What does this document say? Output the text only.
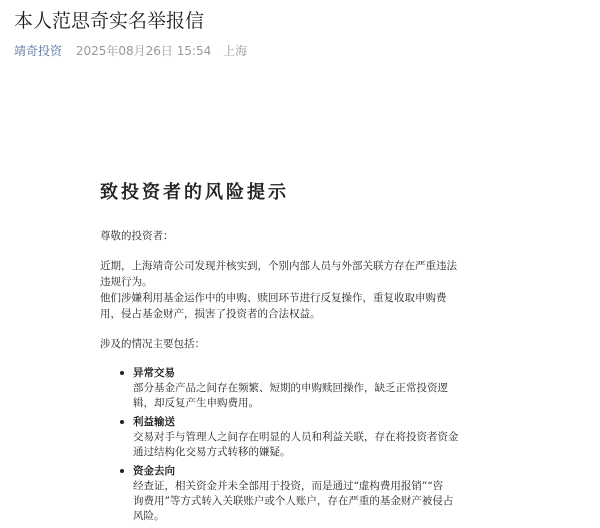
本人范思奇实名举报信
靖奇投资 2025年08月26日 15:54 上海
致投资者的风险提示

尊敬的投资者：

近期，上海靖奇公司发现并核实到，个别内部人员与外部关联方存在严重违法

违规行为。

他们涉嫌利用基金运作中的申购、赎回环节进行反复操作，重复收取申购费

用，侵占基金财产，损害了投资者的合法权益。

涉及的情况主要包括：

异常交易
部分基金产品之间存在频繁、短期的申购赎回操作，缺乏正常投资逻
辑，却反复产生申购费用。
利益输送
交易对手与管理人之间存在明显的人员和利益关联，存在将投资者资金
通过结构化交易方式转移的嫌疑。
资金去向
经查证，相关资金并未全部用于投资，而是通过“虚构费用报销”“咨
询费用”等方式转入关联账户或个人账户，存在严重的基金财产被侵占
风险。
